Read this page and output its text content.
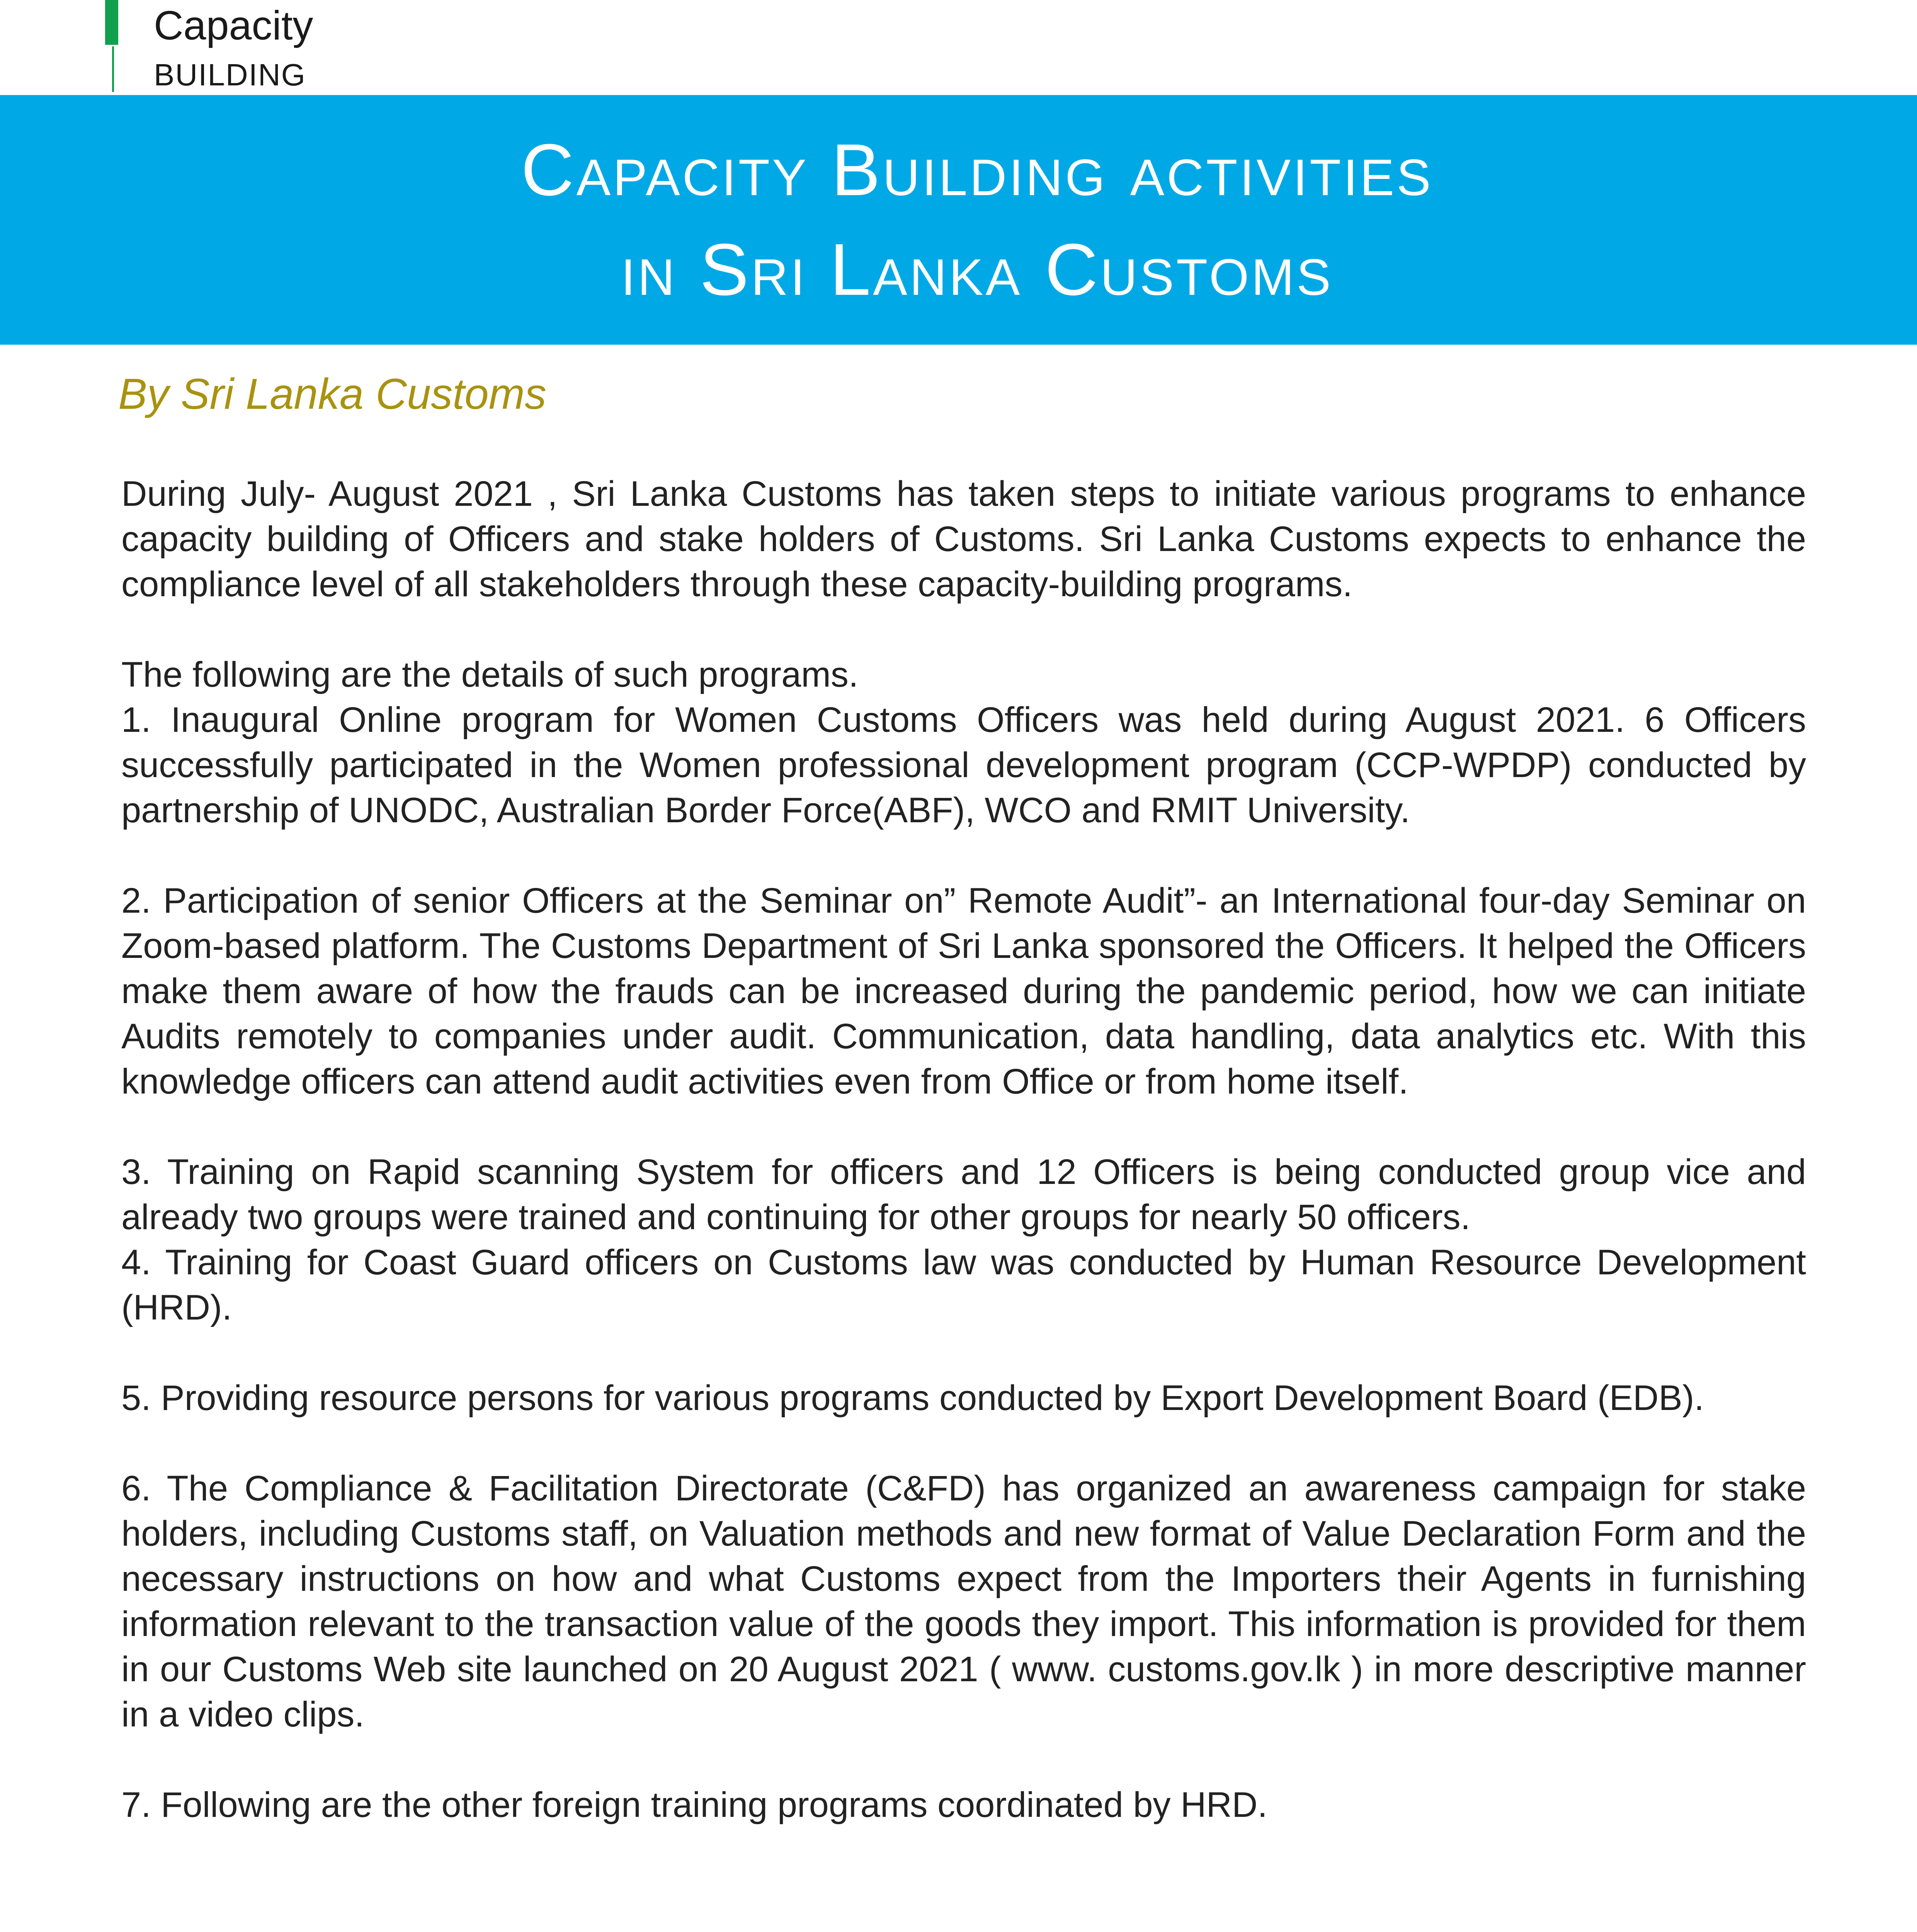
Capacity
BUILDING
Capacity Building activities
in Sri Lanka Customs
By Sri Lanka Customs

During July- August 2021 , Sri Lanka Customs has taken steps to initiate various programs to enhance capacity building of Officers and stake holders of Customs. Sri Lanka Customs expects to enhance the compliance level of all stakeholders through these capacity-building programs.

The following are the details of such programs.

1. Inaugural Online program for Women Customs Officers was held during August 2021. 6 Officers successfully participated in the Women professional development program (CCP-WPDP) conducted by partnership of UNODC, Australian Border Force(ABF), WCO and RMIT University.

2. Participation of senior Officers at the Seminar on” Remote Audit”- an International four-day Seminar on Zoom-based platform. The Customs Department of Sri Lanka sponsored the Officers. It helped the Officers make them aware of how the frauds can be increased during the pandemic period, how we can initiate Audits remotely to companies under audit. Communication, data handling, data analytics etc. With this knowledge officers can attend audit activities even from Office or from home itself.

3. Training on Rapid scanning System for officers and 12 Officers is being conducted group vice and already two groups were trained and continuing for other groups for nearly 50 officers.

4. Training for Coast Guard officers on Customs law was conducted by Human Resource Development (HRD).

5. Providing resource persons for various programs conducted by Export Development Board (EDB).

6. The Compliance & Facilitation Directorate (C&FD) has organized an awareness campaign for stake holders, including Customs staff, on Valuation methods and new format of Value Declaration Form and the necessary instructions on how and what Customs expect from the Importers their Agents in furnishing information relevant to the transaction value of the goods they import. This information is provided for them in our Customs Web site launched on 20 August 2021 ( www. customs.gov.lk ) in more descriptive manner in a video clips.

7. Following are the other foreign training programs coordinated by HRD.
